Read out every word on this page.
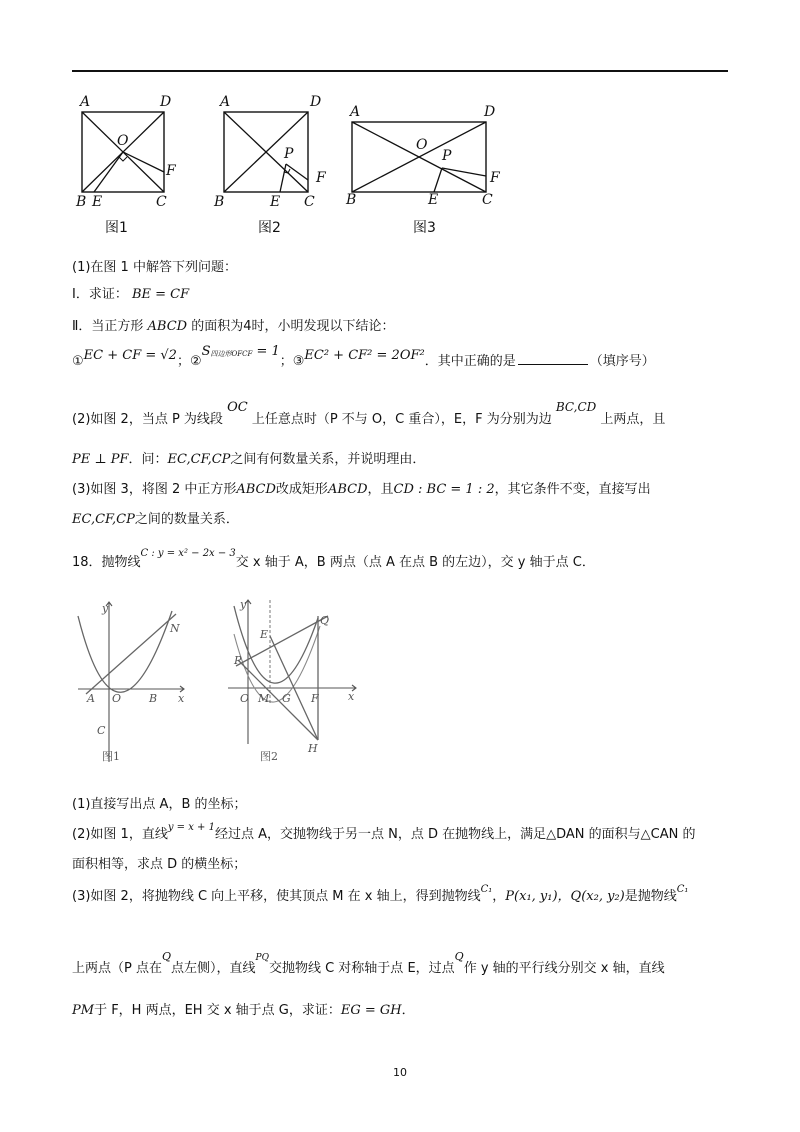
A	D
O
F
B E	C
图1
A	D
P
F
B	E C
图2
A	D
O
P
F
B	E	C
图3
(1)在图 1 中解答下列问题：
Ⅰ．求证： BE = CF
Ⅱ．当正方形 ABCD 的面积为4时，小明发现以下结论：
①EC + CF = √2；$②S^{四边形OFCF} = 1$；③EC² + CF² = 2OF²．其中正确的是	（填序号）
(2)如图 2，当点 P 为线段 OC 上任意点时（P 不与 O，C 重合），E，F 为分别为边 BC,CD 上两点，且
PE ⊥ PF．问：EC,CF,CP之间有何数量关系，并说明理由．
(3)如图 3，将图 2 中正方形ABCD改成矩形ABCD，且CD : BC = 1 : 2，其它条件不变，直接写出
EC,CF,CP之间的数量关系．
18．抛物线$^{C : y = x^2 - 2x - 3}$交 x 轴于 A，B 两点（点 A 在点 B 的左边），交 y 轴于点 C．
y
x
A O	B
C
N
图1
y
x
E
Q
P
O M G F
H
图2
(1)直接写出点 A，B 的坐标；
(2)如图 1，直线$^{y = x + 1}$经过点 A，交抛物线于另一点 N，点 D 在抛物线上，满足△DAN 的面积与△CAN 的
面积相等，求点 D 的横坐标；
(3)如图 2，将抛物线 C 向上平移，使其顶点 M 在 x 轴上，得到抛物线$^{C_1}$，P(x₁, y₁)，Q(x₂, y₂)是抛物线$^{C_1}$
上两点（P 点在$^Q$点左侧），直线$^{PQ}$交抛物线 C 对称轴于点 E，过点$^Q$作 y 轴的平行线分别交 x 轴，直线
PM于 F，H 两点，EH 交 x 轴于点 G，求证：EG = GH．
10
